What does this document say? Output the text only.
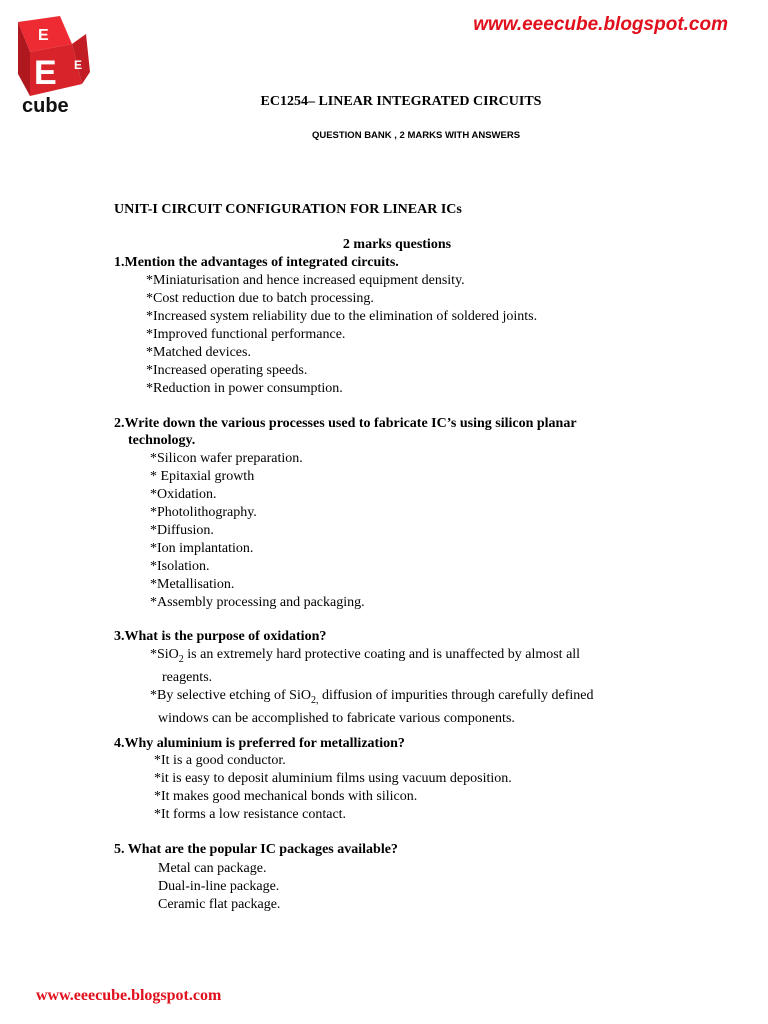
E
E
E
cube
www.eeecube.blogspot.com
EC1254– LINEAR INTEGRATED CIRCUITS
QUESTION BANK , 2 MARKS WITH ANSWERS
UNIT-I CIRCUIT CONFIGURATION FOR LINEAR ICs
2 marks questions
1.Mention the advantages of integrated circuits.
*Miniaturisation and hence increased equipment density.
*Cost reduction due to batch processing.
*Increased system reliability due to the elimination of soldered joints.
*Improved functional performance.
*Matched devices.
*Increased operating speeds.
*Reduction in power consumption.
2.Write down the various processes used to fabricate IC’s using silicon planar
technology.
*Silicon wafer preparation.
* Epitaxial growth
*Oxidation.
*Photolithography.
*Diffusion.
*Ion implantation.
*Isolation.
*Metallisation.
*Assembly processing and packaging.
3.What is the purpose of oxidation?
*SiO$_2$ is an extremely hard protective coating and is unaffected by almost all
reagents.
*By selective etching of SiO$_{2,}$ diffusion of impurities through carefully defined
windows can be accomplished to fabricate various components.
4.Why aluminium is preferred for metallization?
*It is a good conductor.
*it is easy to deposit aluminium films using vacuum deposition.
*It makes good mechanical bonds with silicon.
*It forms a low resistance contact.
5. What are the popular IC packages available?
Metal can package.
Dual-in-line package.
Ceramic flat package.
www.eeecube.blogspot.com
